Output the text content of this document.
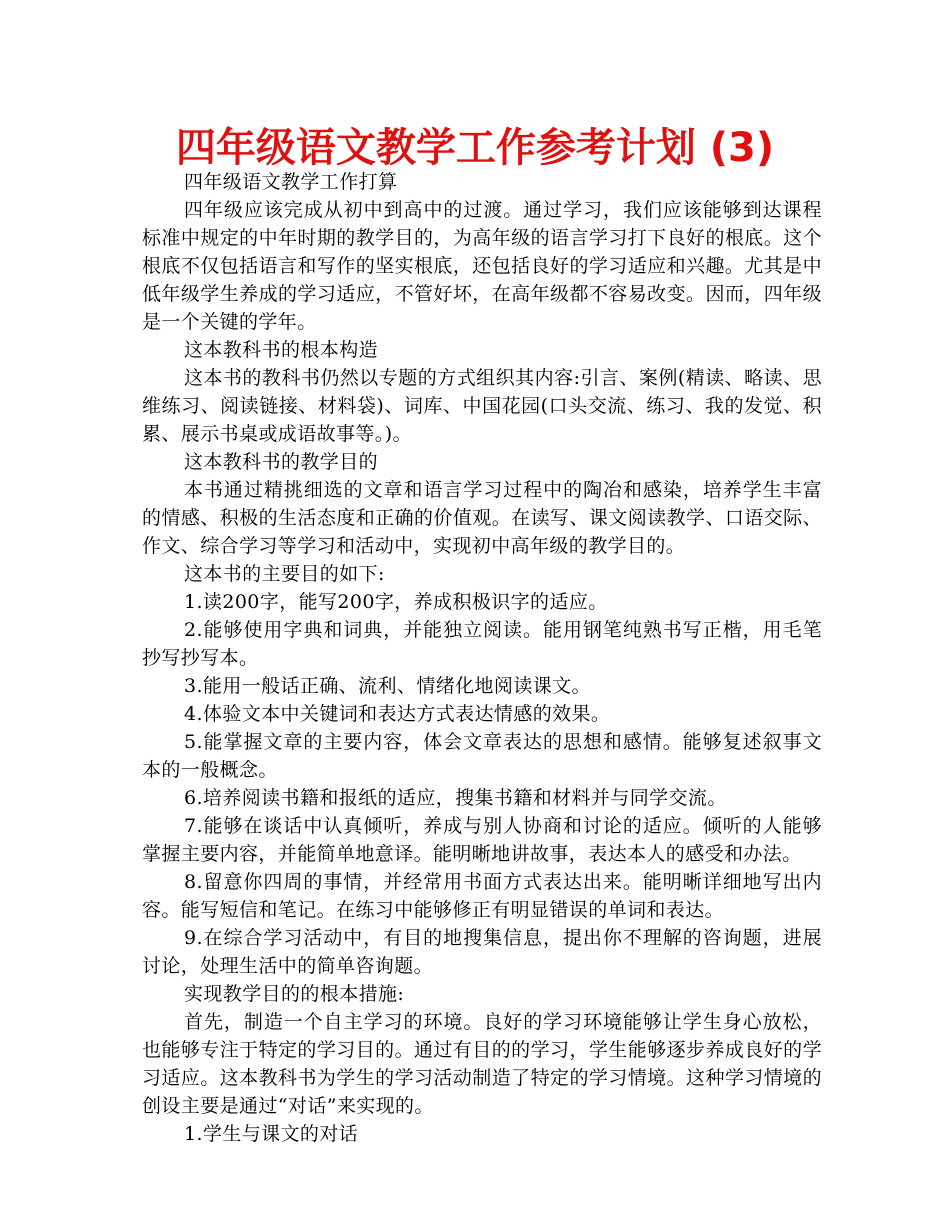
四年级语文教学工作参考计划 (3)

四年级语文教学工作打算

四年级应该完成从初中到高中的过渡。通过学习，我们应该能够到达课程标准中规定的中年时期的教学目的，为高年级的语言学习打下良好的根底。这个根底不仅包括语言和写作的坚实根底，还包括良好的学习适应和兴趣。尤其是中低年级学生养成的学习适应，不管好坏，在高年级都不容易改变。因而，四年级是一个关键的学年。

这本教科书的根本构造

这本书的教科书仍然以专题的方式组织其内容:引言、案例(精读、略读、思维练习、阅读链接、材料袋)、词库、中国花园(口头交流、练习、我的发觉、积累、展示书桌或成语故事等。)。

这本教科书的教学目的

本书通过精挑细选的文章和语言学习过程中的陶冶和感染，培养学生丰富的情感、积极的生活态度和正确的价值观。在读写、课文阅读教学、口语交际、作文、综合学习等学习和活动中，实现初中高年级的教学目的。

这本书的主要目的如下:

1.读200字，能写200字，养成积极识字的适应。

2.能够使用字典和词典，并能独立阅读。能用钢笔纯熟书写正楷，用毛笔抄写抄写本。

3.能用一般话正确、流利、情绪化地阅读课文。

4.体验文本中关键词和表达方式表达情感的效果。

5.能掌握文章的主要内容，体会文章表达的思想和感情。能够复述叙事文本的一般概念。

6.培养阅读书籍和报纸的适应，搜集书籍和材料并与同学交流。

7.能够在谈话中认真倾听，养成与别人协商和讨论的适应。倾听的人能够掌握主要内容，并能简单地意译。能明晰地讲故事，表达本人的感受和办法。

8.留意你四周的事情，并经常用书面方式表达出来。能明晰详细地写出内容。能写短信和笔记。在练习中能够修正有明显错误的单词和表达。

9.在综合学习活动中，有目的地搜集信息，提出你不理解的咨询题，进展讨论，处理生活中的简单咨询题。

实现教学目的的根本措施:

首先，制造一个自主学习的环境。良好的学习环境能够让学生身心放松，也能够专注于特定的学习目的。通过有目的的学习，学生能够逐步养成良好的学习适应。这本教科书为学生的学习活动制造了特定的学习情境。这种学习情境的创设主要是通过“对话”来实现的。

1.学生与课文的对话
